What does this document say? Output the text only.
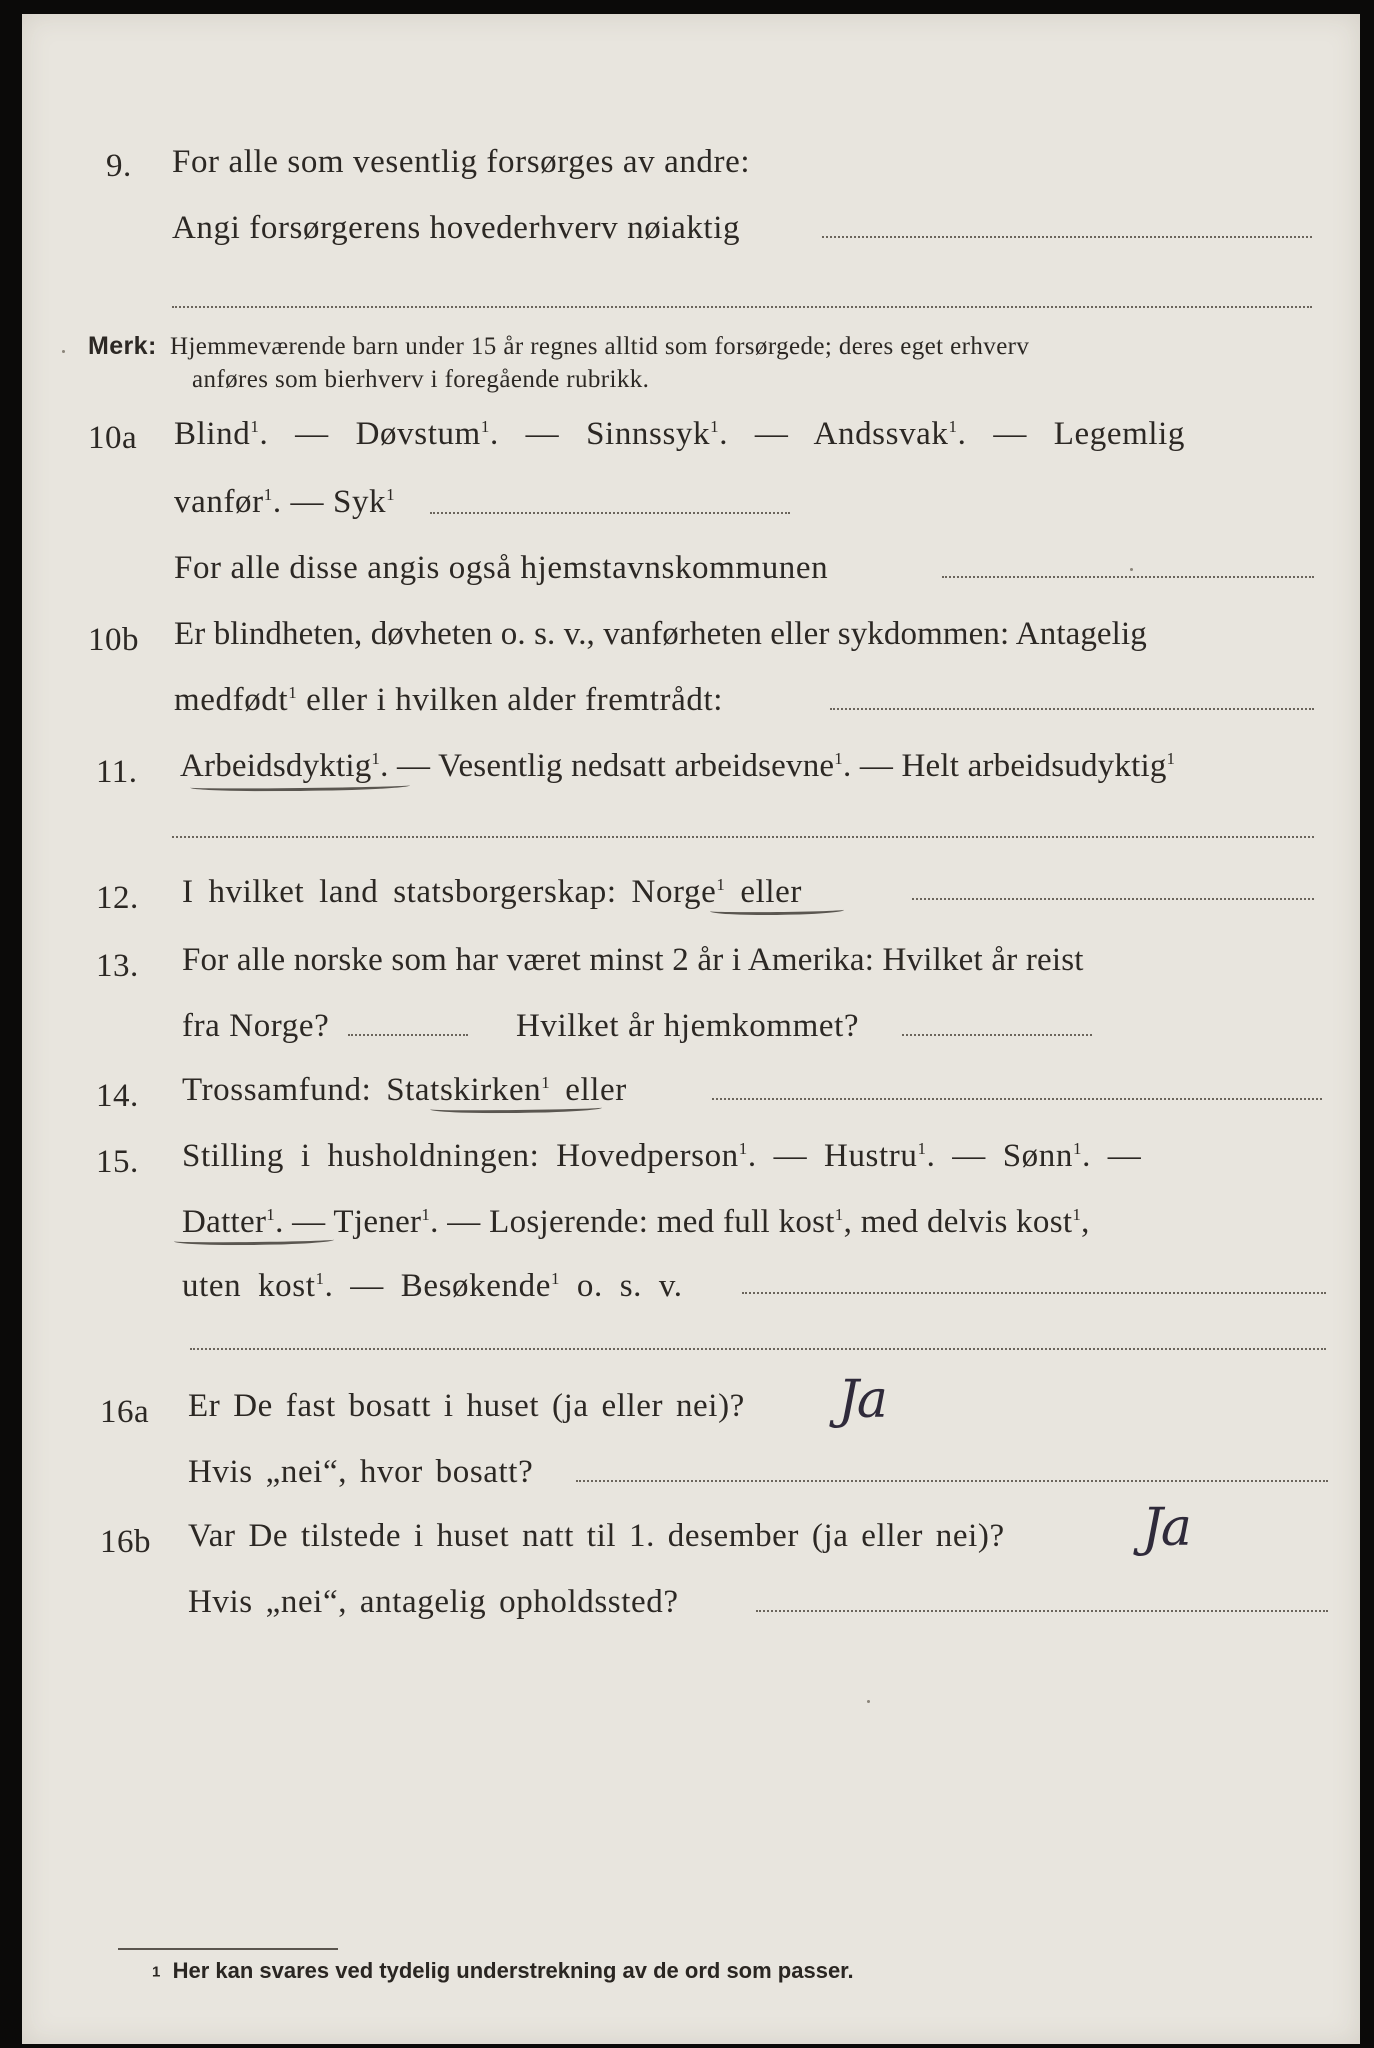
9. For alle som vesentlig forsørges av andre:
Angi forsørgerens hovederhverv nøiaktig
Merk: Hjemmeværende barn under 15 år regnes alltid som forsørgede; deres eget erhverv
anføres som bierhverv i foregående rubrikk.
10a Blind$^1$. — Døvstum$^1$. — Sinnssyk$^1$. — Andssvak$^1$. — Legemlig
vanfør$^1$. — Syk$^1$
For alle disse angis også hjemstavnskommunen
10b Er blindheten, døvheten o. s. v., vanførheten eller sykdommen: Antagelig
medfødt$^1$ eller i hvilken alder fremtrådt:
11. Arbeidsdyktig$^1$. — Vesentlig nedsatt arbeidsevne$^1$. — Helt arbeidsudyktig$^1$
12. I hvilket land statsborgerskap: Norge$^1$ eller
13. For alle norske som har været minst 2 år i Amerika: Hvilket år reist
fra Norge?	Hvilket år hjemkommet?
14. Trossamfund: Statskirken$^1$ eller
15. Stilling i husholdningen: Hovedperson$^1$. — Hustru$^1$. — Sønn$^1$. —
Datter$^1$. — Tjener$^1$. — Losjerende: med full kost$^1$, med delvis kost$^1$,
uten kost$^1$. — Besøkende$^1$ o. s. v.
16a Er De fast bosatt i huset (ja eller nei)? Ja
Hvis „nei“, hvor bosatt?
16b Var De tilstede i huset natt til 1. desember (ja eller nei)?	Ja
Hvis „nei“, antagelig opholdssted?
1 Her kan svares ved tydelig understrekning av de ord som passer.
